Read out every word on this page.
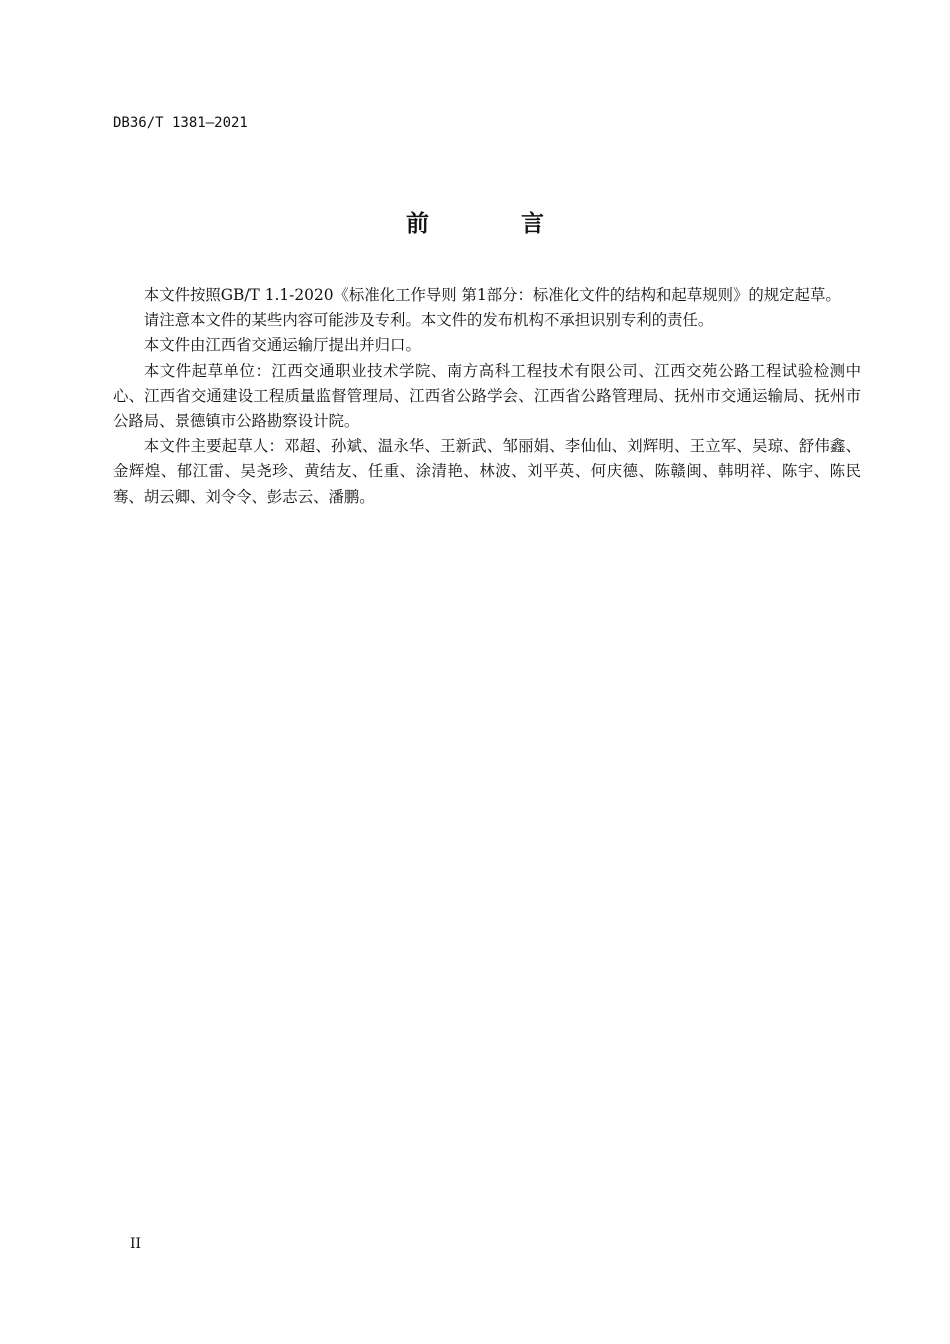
DB36/T 1381—2021
前 言

本文件按照GB/T 1.1-2020《标准化工作导则 第1部分：标准化文件的结构和起草规则》的规定起草。

请注意本文件的某些内容可能涉及专利。本文件的发布机构不承担识别专利的责任。

本文件由江西省交通运输厅提出并归口。

本文件起草单位：江西交通职业技术学院、南方高科工程技术有限公司、江西交苑公路工程试验检测中心、江西省交通建设工程质量监督管理局、江西省公路学会、江西省公路管理局、抚州市交通运输局、抚州市公路局、景德镇市公路勘察设计院。

本文件主要起草人：邓超、孙斌、温永华、王新武、邹丽娟、李仙仙、刘辉明、王立军、吴琼、舒伟鑫、金辉煌、郁江雷、吴尧珍、黄结友、任重、涂清艳、林波、刘平英、何庆德、陈赣闽、韩明祥、陈宇、陈民骞、胡云卿、刘令令、彭志云、潘鹏。

II
